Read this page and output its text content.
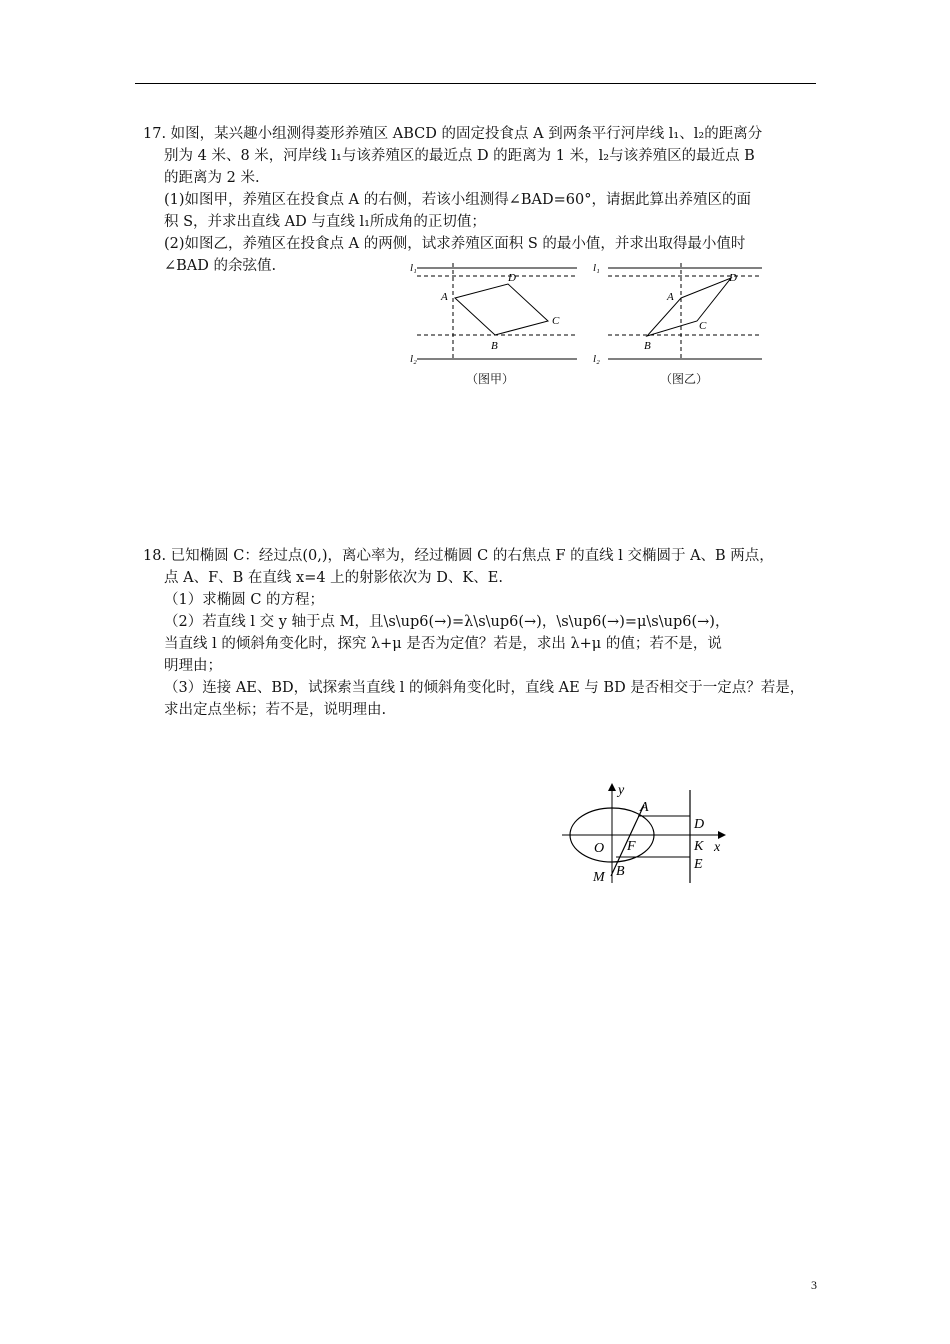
17. 如图，某兴趣小组测得菱形养殖区 ABCD 的固定投食点 A 到两条平行河岸线 l₁、l₂的距离分
别为 4 米、8 米，河岸线 l₁与该养殖区的最近点 D 的距离为 1 米，l₂与该养殖区的最近点 B
的距离为 2 米.
(1)如图甲，养殖区在投食点 A 的右侧，若该小组测得∠BAD=60°，请据此算出养殖区的面
积 S，并求出直线 AD 与直线 l₁所成角的正切值；
(2)如图乙，养殖区在投食点 A 的两侧，试求养殖区面积 S 的最小值，并求出取得最小值时
∠BAD 的余弦值.	l₁
l₂
A
D
C
B
（图甲）
l₁
l₂
A
D
C
B
（图乙）
18. 已知椭圆 C：经过点(0,)，离心率为，经过椭圆 C 的右焦点 F 的直线 l 交椭圆于 A、B 两点，
点 A、F、B 在直线 x=4 上的射影依次为 D、K、E.
（1）求椭圆 C 的方程；
（2）若直线 l 交 y 轴于点 M，且\s\up6(→)=λ\s\up6(→)，\s\up6(→)=μ\s\up6(→)，
当直线 l 的倾斜角变化时，探究 λ+μ 是否为定值？若是，求出 λ+μ 的值；若不是，说
明理由；
（3）连接 AE、BD，试探索当直线 l 的倾斜角变化时，直线 AE 与 BD 是否相交于一定点？若是，
求出定点坐标；若不是，说明理由.
y
x
O F
A
B
M
D
K
E
3
